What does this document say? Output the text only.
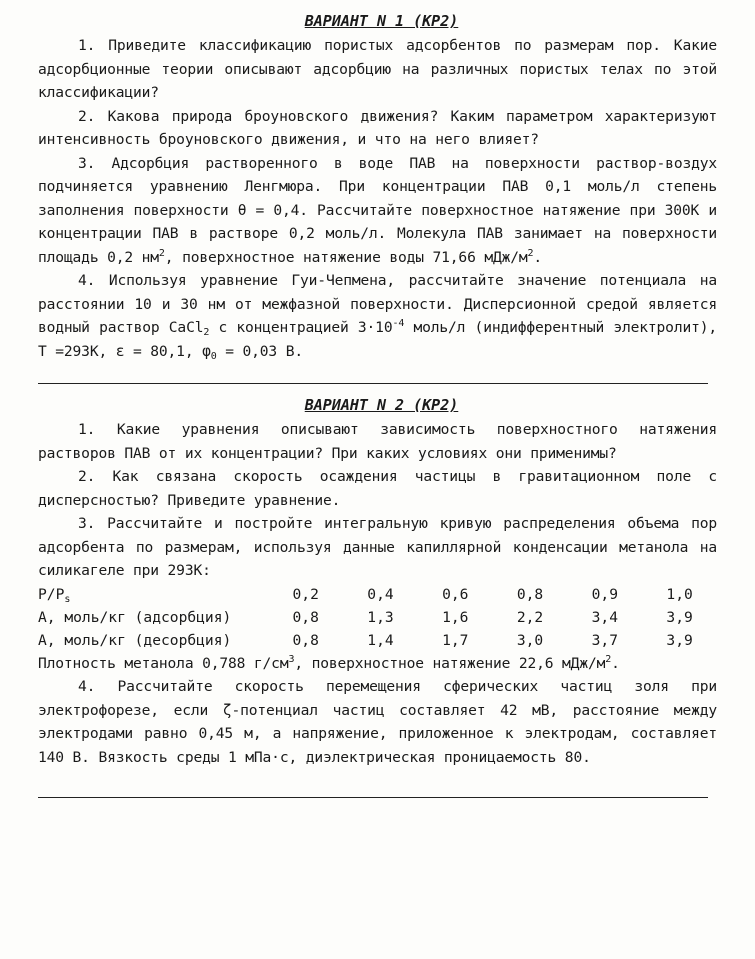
ВАРИАНТ N 1 (КР2)

1. Приведите классификацию пористых адсорбентов по размерам пор. Какие адсорбционные теории описывают адсорбцию на различных пористых телах по этой классификации?

2. Какова природа броуновского движения? Каким параметром характеризуют интенсивность броуновского движения, и что на него влияет?

3. Адсорбция растворенного в воде ПАВ на поверхности раствор-воздух подчиняется уравнению Ленгмюра. При концентрации ПАВ 0,1 моль/л степень заполнения поверхности θ = 0,4. Рассчитайте поверхностное натяжение при 300К и концентрации ПАВ в растворе 0,2 моль/л. Молекула ПАВ занимает на поверхности площадь 0,2 $нм^2$, поверхностное натяжение воды 71,66 мДж/$м^2$.

4. Используя уравнение Гуи-Чепмена, рассчитайте значение потенциала на расстоянии 10 и 30 нм от межфазной поверхности. Дисперсионной средой является водный раствор CaCl$_2$ с концентрацией $3\cdot 10^{-4}$ моль/л (индифферентный электролит), T =293К, ε = 80,1, $\varphi_0 = 0,03$ В.

ВАРИАНТ N 2 (КР2)

1. Какие уравнения описывают зависимость поверхностного натяжения растворов ПАВ от их концентрации? При каких условиях они применимы?

2. Как связана скорость осаждения частицы в гравитационном поле с дисперсностью? Приведите уравнение.

3. Рассчитайте и постройте интегральную кривую распределения объема пор адсорбента по размерам, используя данные капиллярной конденсации метанола на силикагеле при 293К:

$P/P_s$	0,2	0,4	0,6	0,8	0,9	1,0
А, моль/кг (адсорбция)	0,8	1,3	1,6	2,2	3,4	3,9
А, моль/кг (десорбция)	0,8	1,4	1,7	3,0	3,7	3,9

Плотность метанола 0,788 $г/см^3$, поверхностное натяжение 22,6 мДж/$м^2$.

4. Рассчитайте скорость перемещения сферических частиц золя при электрофорезе, если ζ-потенциал частиц составляет 42 мВ, расстояние между электродами равно 0,45 м, а напряжение, приложенное к электродам, составляет 140 В. Вязкость среды 1 мПа·с, диэлектрическая проницаемость 80.
